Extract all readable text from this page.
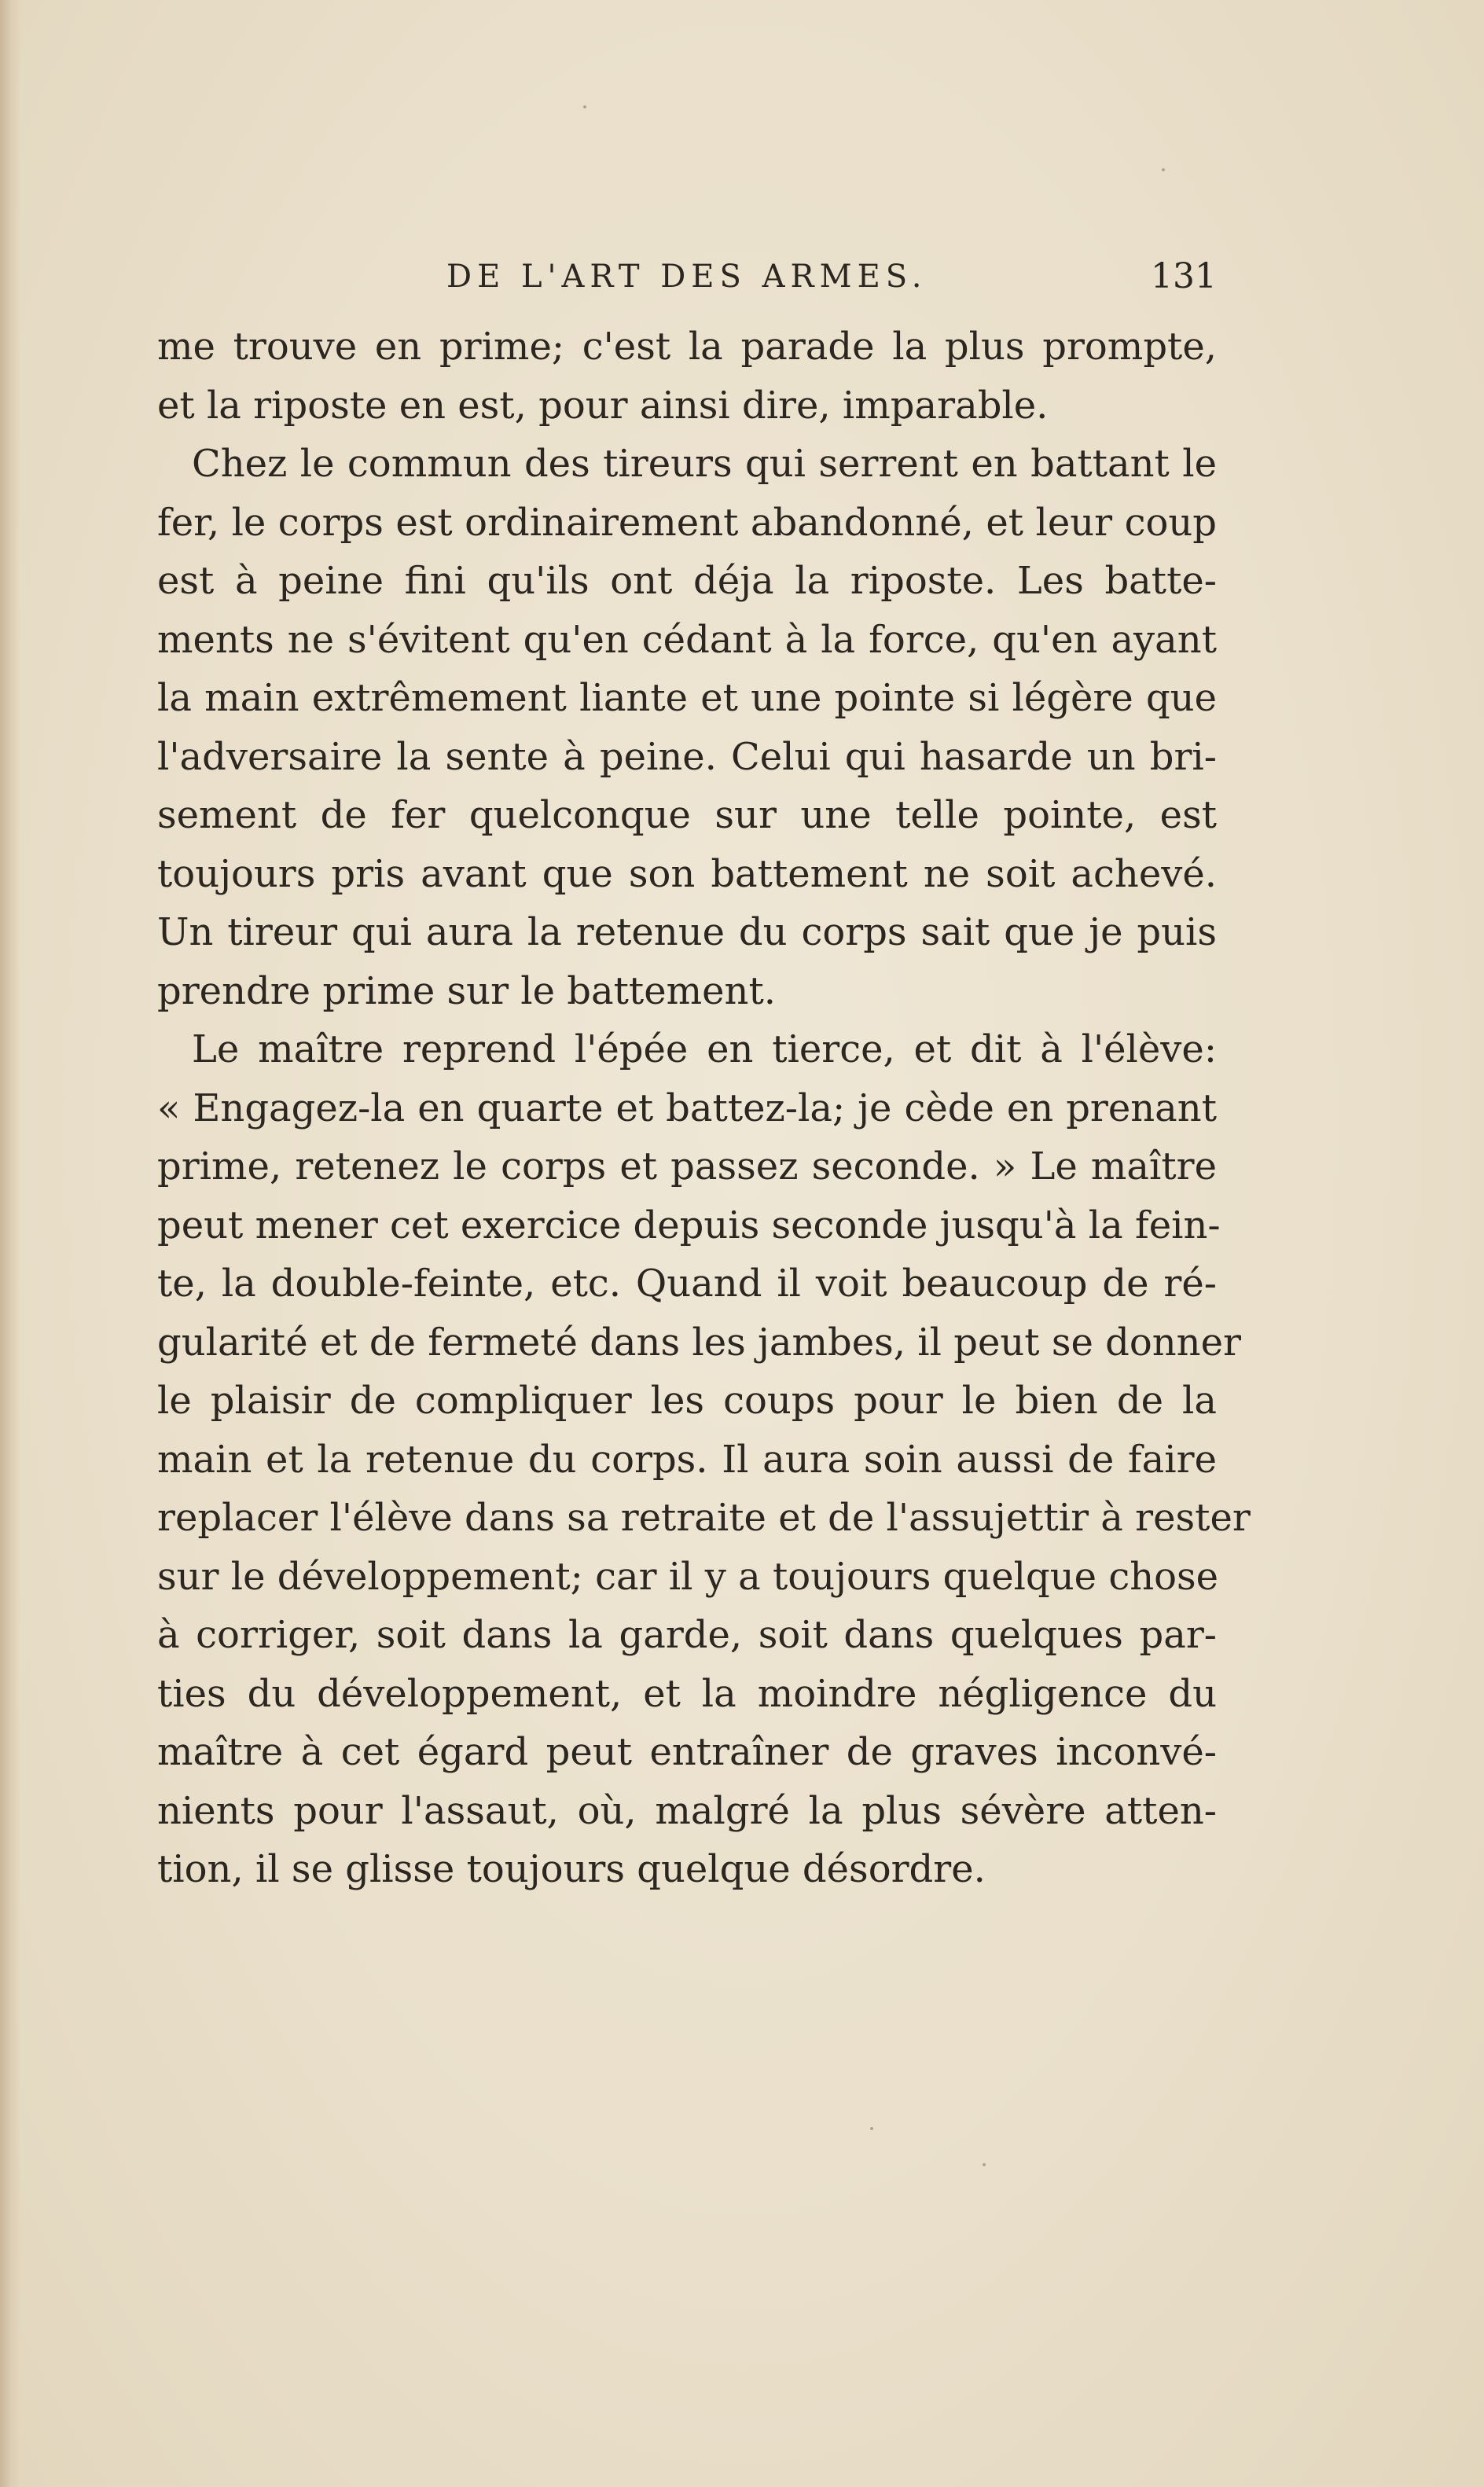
DE L'ART DES ARMES.	131
me trouve en prime; c'est la parade la plus prompte,
et la riposte en est, pour ainsi dire, imparable.
Chez le commun des tireurs qui serrent en battant le
fer, le corps est ordinairement abandonné, et leur coup
est à peine fini qu'ils ont déja la riposte. Les batte-
ments ne s'évitent qu'en cédant à la force, qu'en ayant
la main extrêmement liante et une pointe si légère que
l'adversaire la sente à peine. Celui qui hasarde un bri-
sement de fer quelconque sur une telle pointe, est
toujours pris avant que son battement ne soit achevé.
Un tireur qui aura la retenue du corps sait que je puis
prendre prime sur le battement.
Le maître reprend l'épée en tierce, et dit à l'élève:
« Engagez-la en quarte et battez-la; je cède en prenant
prime, retenez le corps et passez seconde. » Le maître
peut mener cet exercice depuis seconde jusqu'à la fein-
te, la double-feinte, etc. Quand il voit beaucoup de ré-
gularité et de fermeté dans les jambes, il peut se donner
le plaisir de compliquer les coups pour le bien de la
main et la retenue du corps. Il aura soin aussi de faire
replacer l'élève dans sa retraite et de l'assujettir à rester
sur le développement; car il y a toujours quelque chose
à corriger, soit dans la garde, soit dans quelques par-
ties du développement, et la moindre négligence du
maître à cet égard peut entraîner de graves inconvé-
nients pour l'assaut, où, malgré la plus sévère atten-
tion, il se glisse toujours quelque désordre.
